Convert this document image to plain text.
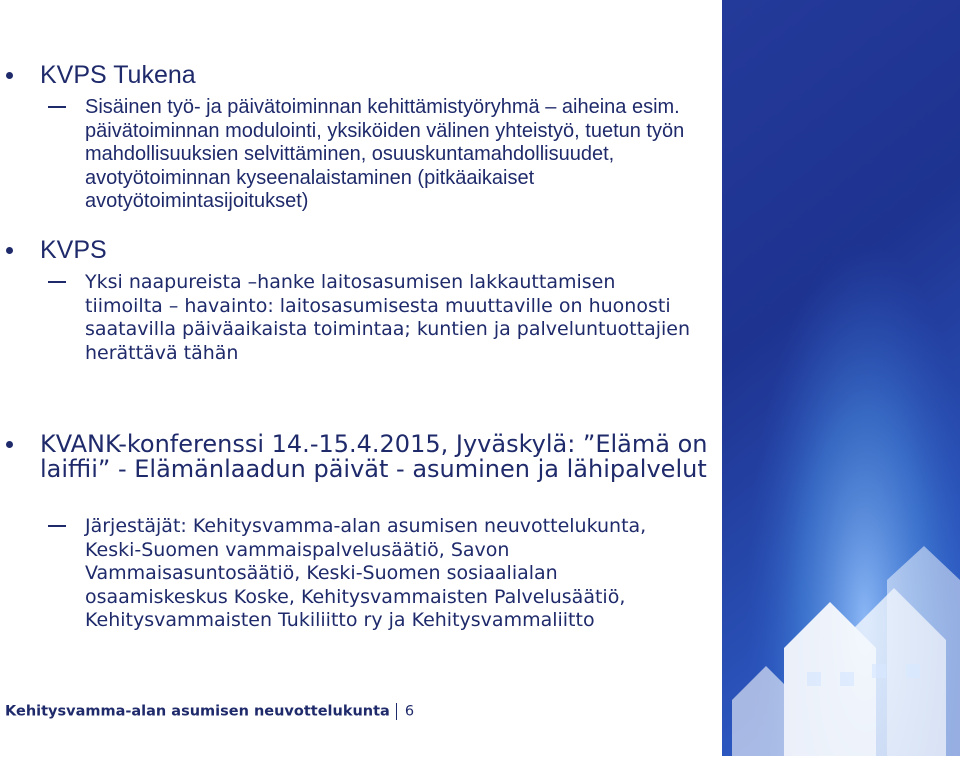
KVPS Tukena
Sisäinen työ- ja päivätoiminnan kehittämistyöryhmä – aiheina esim. päivätoiminnan modulointi, yksiköiden välinen yhteistyö, tuetun työn mahdollisuuksien selvittäminen, osuuskuntamahdollisuudet, avotyötoiminnan kyseenalaistaminen (pitkäaikaiset avotyötoimintasijoitukset)
KVPS
Yksi naapureista –hanke laitosasumisen lakkauttamisen tiimoilta – havainto: laitosasumisesta muuttaville on huonosti saatavilla päiväaikaista toimintaa; kuntien ja palveluntuottajien herättävä tähän
KVANK-konferenssi 14.-15.4.2015, Jyväskylä: ”Elämä on laiffii” - Elämänlaadun päivät - asuminen ja lähipalvelut
Järjestäjät: Kehitysvamma-alan asumisen neuvottelukunta, Keski-Suomen vammaispalvelusäätiö, Savon Vammaisasuntosäätiö, Keski-Suomen sosiaalialan osaamiskeskus Koske, Kehitysvammaisten Palvelusäätiö, Kehitysvammaisten Tukiliitto ry ja Kehitysvammaliitto
Kehitysvamma-alan asumisen neuvottelukunta 6
